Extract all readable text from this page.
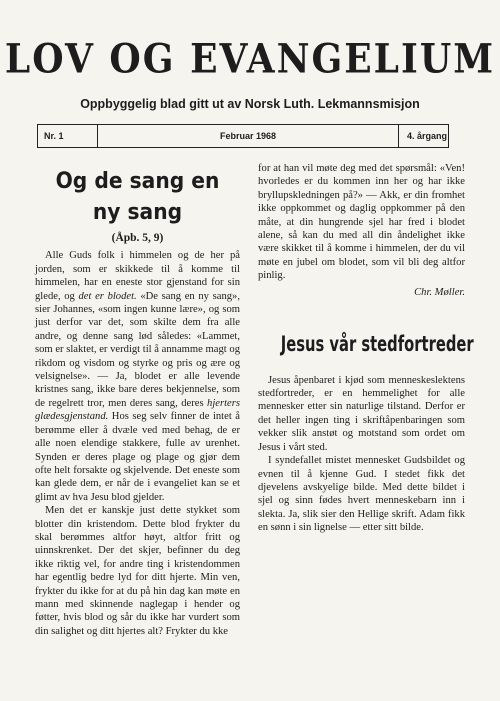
LOV OG EVANGELIUM
Oppbyggelig blad gitt ut av Norsk Luth. Lekmannsmisjon
Nr. 1	Februar 1968	4. årgang
Og de sang en
ny sang
(Åpb. 5, 9)

Alle Guds folk i himmelen og de her på jorden, som er skikkede til å komme til himmelen, har en eneste stor gjenstand for sin glede, og det er blodet. «De sang en ny sang», sier Johannes, «som ingen kunne lære», og som just derfor var det, som skilte dem fra alle andre, og denne sang lød således: «Lammet, som er slaktet, er verdigt til å annamme magt og rikdom og visdom og styrke og pris og ære og velsignelse». — Ja, blodet er alle levende kristnes sang, ikke bare deres bekjennelse, som de regelrett tror, men deres sang, deres hjerters glædesgjenstand. Hos seg selv finner de intet å berømme eller å dvæle ved med behag, de er alle noen elendige stakkere, fulle av urenhet. Synden er deres plage og plage og gjør dem ofte helt forsakte og skjelvende. Det eneste som kan glede dem, er når de i evangeliet kan se et glimt av hva Jesu blod gjelder.

Men det er kanskje just dette stykket som blotter din kristendom. Dette blod frykter du skal berømmes altfor høyt, altfor fritt og uinnskrenket. Der det skjer, befinner du deg ikke riktig vel, for andre ting i kristendommen har egentlig bedre lyd for ditt hjerte. Min ven, frykter du ikke for at du på hin dag kan møte en mann med skinnende naglegap i hender og føtter, hvis blod og sår du ikke har vurdert som din salighet og ditt hjertes alt? Frykter du kke

Jesus vår stedfortreder

Jesus åpenbaret i kjød som menneskeslektens stedfortreder, er en hemmelighet for alle mennesker etter sin naturlige tilstand. Derfor er det heller ingen ting i skriftåpenbaringen som vekker slik anstøt og motstand som ordet om Jesus i vårt sted.

I syndefallet mistet mennesket Gudsbildet og evnen til å kjenne Gud. I stedet fikk det djevelens avskyelige bilde. Med dette bildet i sjel og sinn fødes hvert menneskebarn inn i slekta. Ja, slik sier den Hellige skrift. Adam fikk en sønn i sin lignelse — etter sitt bilde.

Chr. Møller.

for at han vil møte deg med det spørsmål: «Ven! hvorledes er du kommen inn her og har ikke bryllupskledningen på?» — Akk, er din fromhet ikke oppkommet og daglig oppkommer på den måte, at din hungrende sjel har fred i blodet alene, så kan du med all din åndelighet ikke være skikket til å komme i himmelen, der du vil møte en jubel om blodet, som vil bli deg altfor pinlig.
